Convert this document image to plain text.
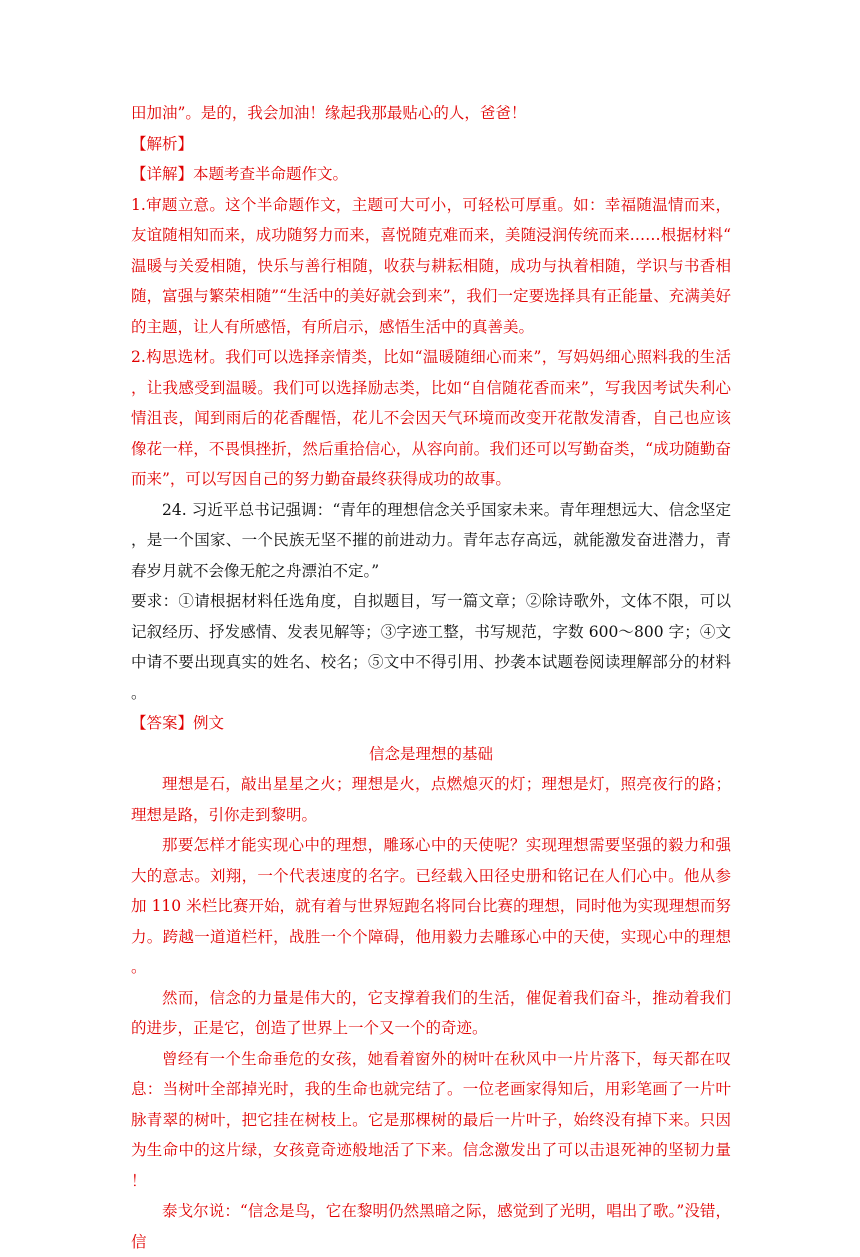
田加油”。是的，我会加油！缘起我那最贴心的人，爸爸！

【解析】

【详解】本题考查半命题作文。

1.审题立意。这个半命题作文，主题可大可小，可轻松可厚重。如：幸福随温情而来，友谊随相知而来，成功随努力而来，喜悦随克难而来，美随浸润传统而来……根据材料“温暖与关爱相随，快乐与善行相随，收获与耕耘相随，成功与执着相随，学识与书香相随，富强与繁荣相随”“生活中的美好就会到来”，我们一定要选择具有正能量、充满美好的主题，让人有所感悟，有所启示，感悟生活中的真善美。

2.构思选材。我们可以选择亲情类，比如“温暖随细心而来”，写妈妈细心照料我的生活，让我感受到温暖。我们可以选择励志类，比如“自信随花香而来”，写我因考试失利心情沮丧，闻到雨后的花香醒悟，花儿不会因天气环境而改变开花散发清香，自己也应该像花一样，不畏惧挫折，然后重拾信心，从容向前。我们还可以写勤奋类，“成功随勤奋而来”，可以写因自己的努力勤奋最终获得成功的故事。

24. 习近平总书记强调：“青年的理想信念关乎国家未来。青年理想远大、信念坚定，是一个国家、一个民族无坚不摧的前进动力。青年志存高远，就能激发奋进潜力，青春岁月就不会像无舵之舟漂泊不定。”

要求：①请根据材料任选角度，自拟题目，写一篇文章；②除诗歌外，文体不限，可以记叙经历、抒发感情、发表见解等；③字迹工整，书写规范，字数 600～800 字；④文中请不要出现真实的姓名、校名；⑤文中不得引用、抄袭本试题卷阅读理解部分的材料。

【答案】例文

信念是理想的基础

理想是石，敲出星星之火；理想是火，点燃熄灭的灯；理想是灯，照亮夜行的路；理想是路，引你走到黎明。

那要怎样才能实现心中的理想，雕琢心中的天使呢？实现理想需要坚强的毅力和强大的意志。刘翔，一个代表速度的名字。已经载入田径史册和铭记在人们心中。他从参加 110 米栏比赛开始，就有着与世界短跑名将同台比赛的理想，同时他为实现理想而努力。跨越一道道栏杆，战胜一个个障碍，他用毅力去雕琢心中的天使，实现心中的理想。

然而，信念的力量是伟大的，它支撑着我们的生活，催促着我们奋斗，推动着我们的进步，正是它，创造了世界上一个又一个的奇迹。

曾经有一个生命垂危的女孩，她看着窗外的树叶在秋风中一片片落下，每天都在叹息：当树叶全部掉光时，我的生命也就完结了。一位老画家得知后，用彩笔画了一片叶脉青翠的树叶，把它挂在树枝上。它是那棵树的最后一片叶子，始终没有掉下来。只因为生命中的这片绿，女孩竟奇迹般地活了下来。信念激发出了可以击退死神的坚韧力量！

泰戈尔说：“信念是鸟，它在黎明仍然黑暗之际，感觉到了光明，唱出了歌。”没错，信
